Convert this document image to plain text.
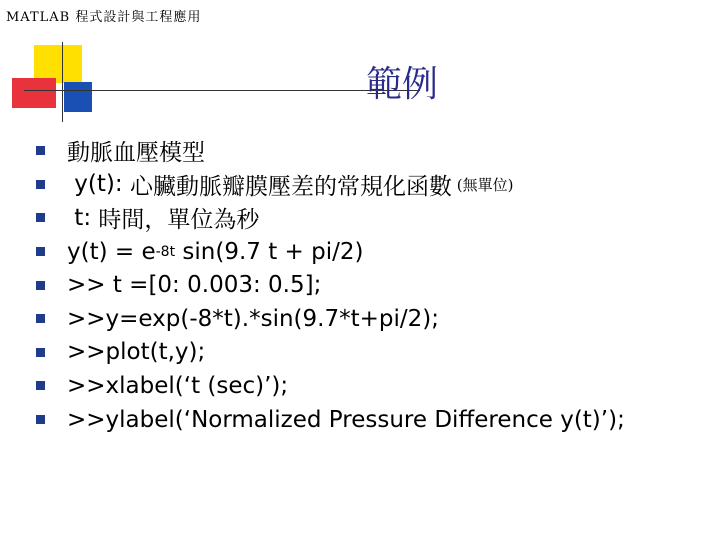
MATLAB 程式設計與工程應用
範例
動脈血壓模型
y(t): 心臟動脈瓣膜壓差的常規化函數 (無單位)
t: 時間，單位為秒
y(t) = e -8t sin(9.7 t + pi/2)
>> t =[0: 0.003: 0.5];
>>y=exp(-8*t).*sin(9.7*t+pi/2);
>>plot(t,y);
>>xlabel(‘t (sec)’);
>>ylabel(‘Normalized Pressure Difference y(t)’);
